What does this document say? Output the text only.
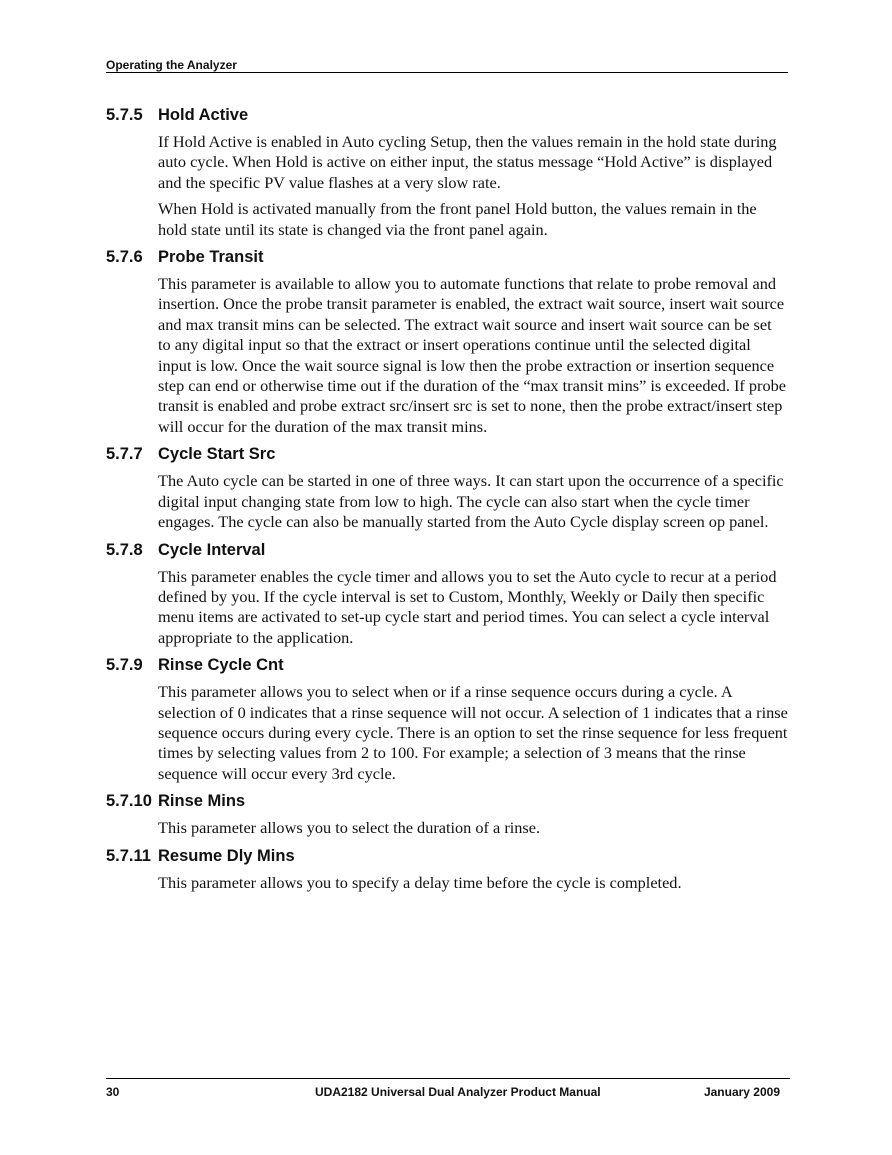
Operating the Analyzer
5.7.5 Hold Active

If Hold Active is enabled in Auto cycling Setup, then the values remain in the hold state during auto cycle. When Hold is active on either input, the status message “Hold Active” is displayed and the specific PV value flashes at a very slow rate.

When Hold is activated manually from the front panel Hold button, the values remain in the hold state until its state is changed via the front panel again.

5.7.6 Probe Transit

This parameter is available to allow you to automate functions that relate to probe removal and insertion. Once the probe transit parameter is enabled, the extract wait source, insert wait source and max transit mins can be selected. The extract wait source and insert wait source can be set to any digital input so that the extract or insert operations continue until the selected digital input is low. Once the wait source signal is low then the probe extraction or insertion sequence step can end or otherwise time out if the duration of the “max transit mins” is exceeded. If probe transit is enabled and probe extract src/insert src is set to none, then the probe extract/insert step will occur for the duration of the max transit mins.

5.7.7 Cycle Start Src

The Auto cycle can be started in one of three ways. It can start upon the occurrence of a specific digital input changing state from low to high. The cycle can also start when the cycle timer engages. The cycle can also be manually started from the Auto Cycle display screen op panel.

5.7.8 Cycle Interval

This parameter enables the cycle timer and allows you to set the Auto cycle to recur at a period defined by you. If the cycle interval is set to Custom, Monthly, Weekly or Daily then specific menu items are activated to set-up cycle start and period times. You can select a cycle interval appropriate to the application.

5.7.9 Rinse Cycle Cnt

This parameter allows you to select when or if a rinse sequence occurs during a cycle. A selection of 0 indicates that a rinse sequence will not occur. A selection of 1 indicates that a rinse sequence occurs during every cycle. There is an option to set the rinse sequence for less frequent times by selecting values from 2 to 100. For example; a selection of 3 means that the rinse sequence will occur every 3rd cycle.

5.7.10 Rinse Mins

This parameter allows you to select the duration of a rinse.

5.7.11 Resume Dly Mins

This parameter allows you to specify a delay time before the cycle is completed.

30	UDA2182 Universal Dual Analyzer Product Manual	January 2009
